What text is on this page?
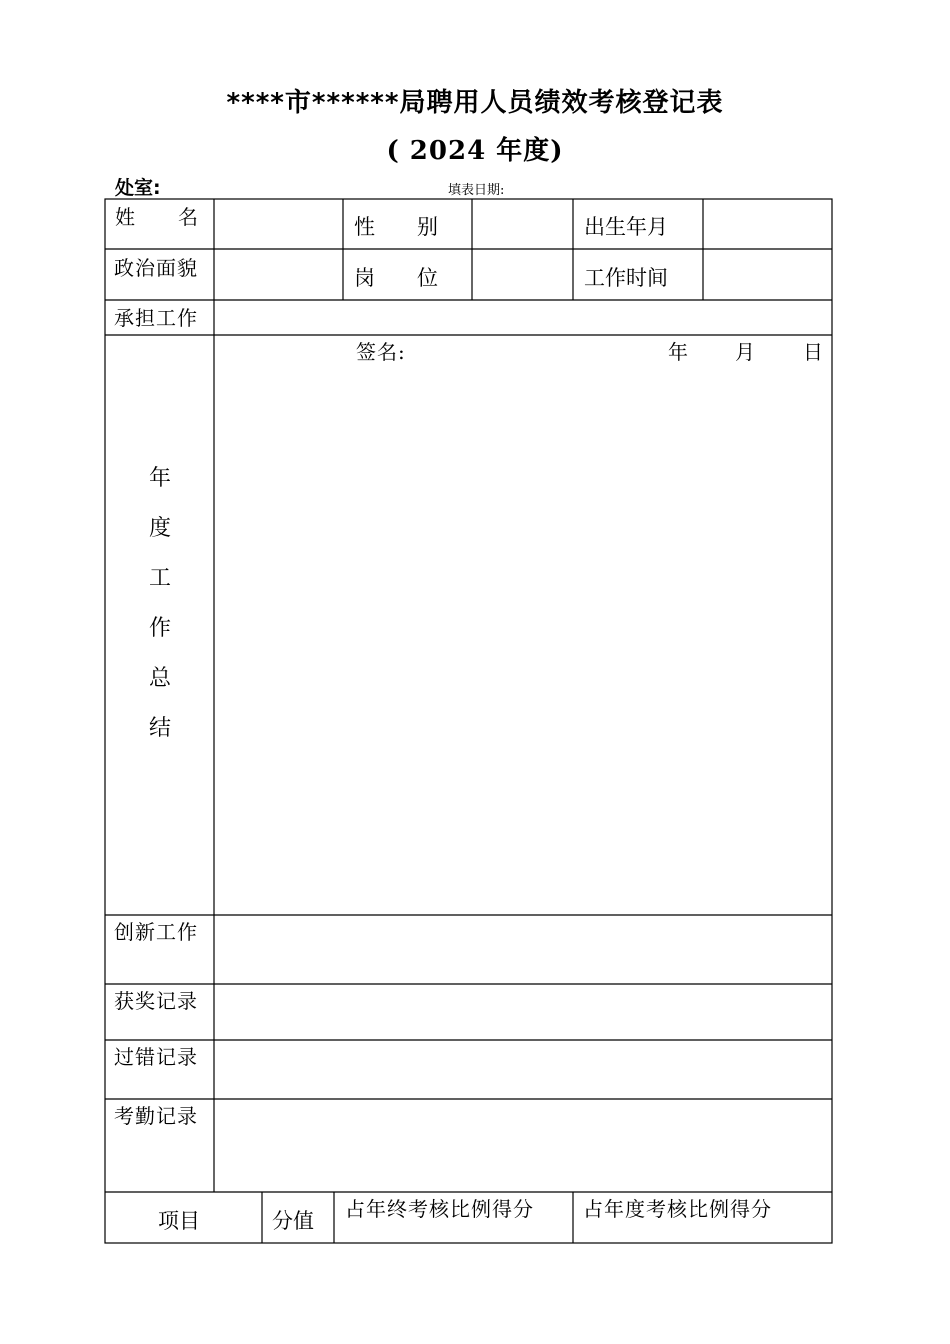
****市******局聘用人员绩效考核登记表
( 2024 年度)
处室:	填表日期:
姓　　名	性　　别	出生年月
政治面貌	岗　　位	工作时间
承担工作
年
度
工
作
总
结
签名:	年 月 日
创新工作
获奖记录
过错记录
考勤记录
项目	分值 占年终考核比例得分 占年度考核比例得分
